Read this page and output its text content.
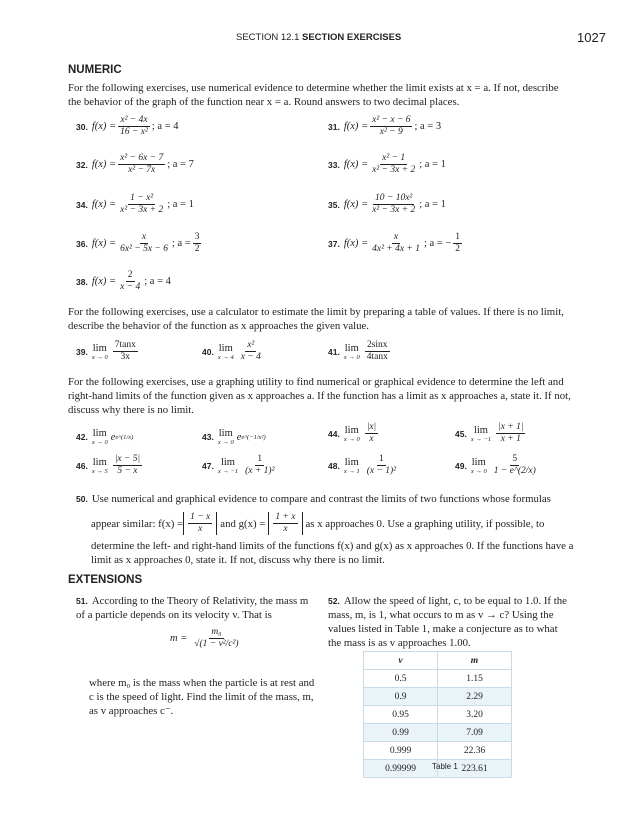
SECTION 12.1 SECTION EXERCISES	1027
NUMERIC
For the following exercises, use numerical evidence to determine whether the limit exists at x = a. If not, describe the behavior of the graph of the function near x = a. Round answers to two decimal places.
30. $f(x) = \frac{\text{x² − 4x}}{\text{16 − x²}}$ ; a = 4	31. $f(x) = \frac{\text{x² − x − 6}}{\text{x² − 9}}$ ; a = 3
32. $f(x) = \frac{\text{x² − 6x − 7}}{\text{x² − 7x}}$ ; a = 7	33. $f(x) = \frac{\text{x² − 1}}{\text{x² − 3x + 2}}$ ; a = 1
34. $f(x) = \frac{\text{1 − x²}}{\text{x² − 3x + 2}}$ ; a = 1	35. $f(x) = \frac{\text{10 − 10x²}}{\text{x² − 3x + 2}}$ ; a = 1
36. $f(x) = \frac{x}{\text{6x² − 5x − 6}}$ ; $a = \frac{3}{2}$	37. $f(x) = \frac{x}{\text{4x² + 4x + 1}}$ ; a = − $\frac{1}{2}$
38. $f(x) = \frac{2}{x - 4}$ ; a = 4
For the following exercises, use a calculator to estimate the limit by preparing a table of values. If there is no limit, describe the behavior of the function as x approaches the given value.
39. lim
$x \to 0 \frac{7\tan x}{3x}$	40. lim
$x \to 4 \frac{\text{x²}}{x - 4}$	41. lim
$x \to 0 \frac{2\sin x}{4\tan x}$
For the following exercises, use a graphing utility to find numerical or graphical evidence to determine the left and right-hand limits of the function given as x approaches a. If the function has a limit as x approaches a, state it. If not, discuss why there is no limit.
42. lim
x → 0 e e^(1/x)	43. lim
x → 0 e e^(−1/x²)	44. lim
$x \to 0 \frac{|x|}{x}$	45. lim
$x \to -1 \frac{|x + 1|}{x + 1}$
46. lim
$x \to 5 \frac{|x - 5|}{5 - x}$	47. lim
$x \to -1 \frac{1}{\text{(x + 1)²}}$	48. lim
$x \to 1 \frac{1}{\text{(x − 1)²}}$	49. lim
$x \to 0 \frac{5}{1 - e\^{}(2/x)}$
50. Use numerical and graphical evidence to compare and contrast the limits of two functions whose formulas
appear similar: $f(x) = \frac{1 - x}{x}$ and $g(x) = \frac{1 + x}{x}$ as x approaches 0. Use a graphing utility, if possible, to
determine the left- and right-hand limits of the functions f(x) and g(x) as x approaches 0. If the functions have a limit as x approaches 0, state it. If not, discuss why there is no limit.
EXTENSIONS
51. According to the Theory of Relativity, the mass m of a particle depends on its velocity v. That is
$m = \frac{\text{m₀}}{\text{√(1 − v²/c²)}}$
where m₀ is the mass when the particle is at rest and c is the speed of light. Find the limit of the mass, m, as v approaches c⁻.
52. Allow the speed of light, c, to be equal to 1.0. If the mass, m, is 1, what occurs to m as v → c? Using the values listed in Table 1, make a conjecture as to what the mass is as v approaches 1.00.
v	m
0.5	1.15
0.9	2.29
0.95	3.20
0.99	7.09
0.999	22.36
0.99999	223.61
Table 1
